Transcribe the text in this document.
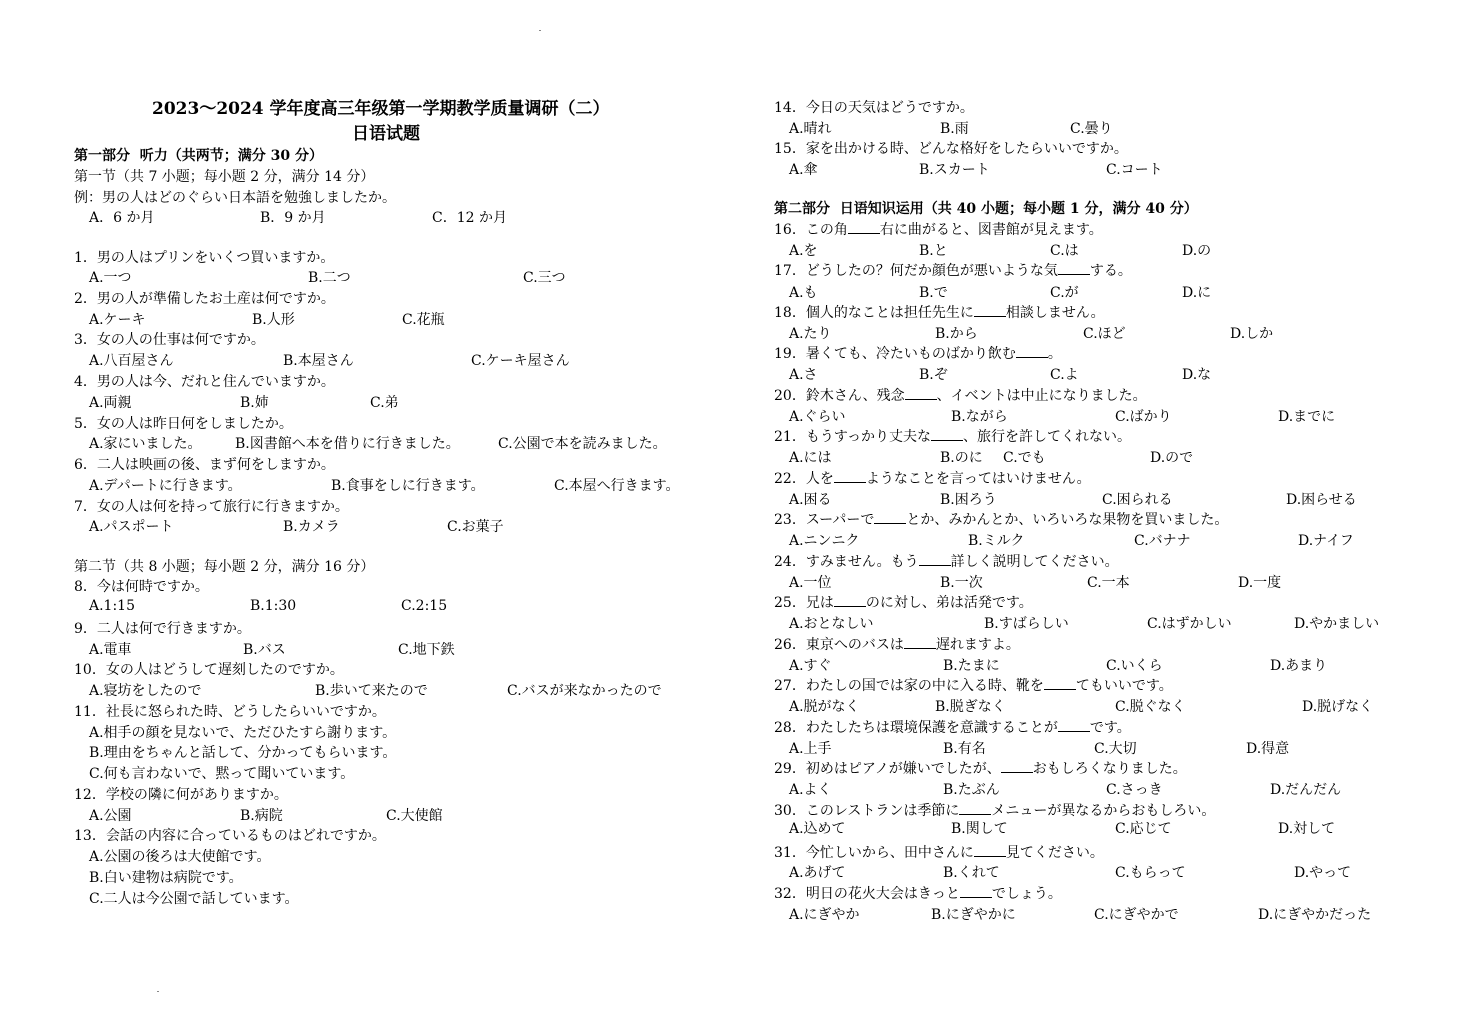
2023～2024 学年度高三年级第一学期教学质量调研（二）
日语试题
第一部分  听力（共两节；满分 30 分）
第一节（共 7 小题；每小题 2 分，满分 14 分）
例：男の人はどのぐらい日本語を勉強しましたか。
A．6 か月	B．9 か月	C．12 か月
1．男の人はプリンをいくつ買いますか。
A.一つ	B.二つ	C.三つ
2．男の人が準備したお土産は何ですか。
A.ケーキ	B.人形	C.花瓶
3．女の人の仕事は何ですか。
A.八百屋さん	B.本屋さん	C.ケーキ屋さん
4．男の人は今、だれと住んでいますか。
A.両親	B.姉	C.弟
5．女の人は昨日何をしましたか。
A.家にいました。 B.図書館へ本を借りに行きました。	C.公園で本を読みました。
6．二人は映画の後、まず何をしますか。
A.デパートに行きます。	B.食事をしに行きます。	C.本屋へ行きます。
7．女の人は何を持って旅行に行きますか。
A.パスポート	B.カメラ	C.お菓子
第二节（共 8 小题；每小题 2 分，满分 16 分）
8．今は何時ですか。
A.1:15	B.1:30	C.2:15
9．二人は何で行きますか。
A.電車	B.バス	C.地下鉄
10．女の人はどうして遅刻したのですか。
A.寝坊をしたので	B.歩いて来たので	C.バスが来なかったので
11．社長に怒られた時、どうしたらいいですか。
A.相手の顔を見ないで、ただひたすら謝ります。
B.理由をちゃんと話して、分かってもらいます。
C.何も言わないで、黙って聞いています。
12．学校の隣に何がありますか。
A.公園	B.病院	C.大使館
13．会話の内容に合っているものはどれですか。
A.公園の後ろは大使館です。
B.白い建物は病院です。
C.二人は今公園で話しています。
14．今日の天気はどうですか。
A.晴れ	B.雨	C.曇り
15．家を出かける時、どんな格好をしたらいいですか。
A.傘	B.スカート	C.コート
第二部分  日语知识运用（共 40 小题；每小题 1 分，满分 40 分）
16．この角 右に曲がると、図書館が見えます。
A.を	B.と	C.は	D.の
17．どうしたの？何だか顔色が悪いような気 する。
A.も	B.で	C.が	D.に
18．個人的なことは担任先生に 相談しません。
A.たり	B.から	C.ほど	D.しか
19．暑くても、冷たいものばかり飲む 。
A.さ	B.ぞ	C.よ	D.な
20．鈴木さん、残念 、イベントは中止になりました。
A.ぐらい	B.ながら	C.ばかり	D.までに
21．もうすっかり丈夫な 、旅行を許してくれない。
A.には	B.のに C.でも	D.ので
22．人を ようなことを言ってはいけません。
A.困る	B.困ろう	C.困られる	D.困らせる
23．スーパーで とか、みかんとか、いろいろな果物を買いました。
A.ニンニク	B.ミルク	C.バナナ	D.ナイフ
24．すみません。もう 詳しく説明してください。
A.一位	B.一次	C.一本	D.一度
25．兄は のに対し、弟は活発です。
A.おとなしい	B.すばらしい	C.はずかしい	D.やかましい
26．東京へのバスは 遅れますよ。
A.すぐ	B.たまに	C.いくら	D.あまり
27．わたしの国では家の中に入る時、靴を てもいいです。
A.脱がなく	B.脱ぎなく	C.脱ぐなく	D.脱げなく
28．わたしたちは環境保護を意識することが です。
A.上手	B.有名	C.大切	D.得意
29．初めはピアノが嫌いでしたが、 おもしろくなりました。
A.よく	B.たぶん	C.さっき	D.だんだん
30．このレストランは季節に メニューが異なるからおもしろい。
A.込めて	B.関して	C.応じて	D.対して
31．今忙しいから、田中さんに 見てください。
A.あげて	B.くれて	C.もらって	D.やって
32．明日の花火大会はきっと でしょう。
A.にぎやか	B.にぎやかに	C.にぎやかで	D.にぎやかだった
